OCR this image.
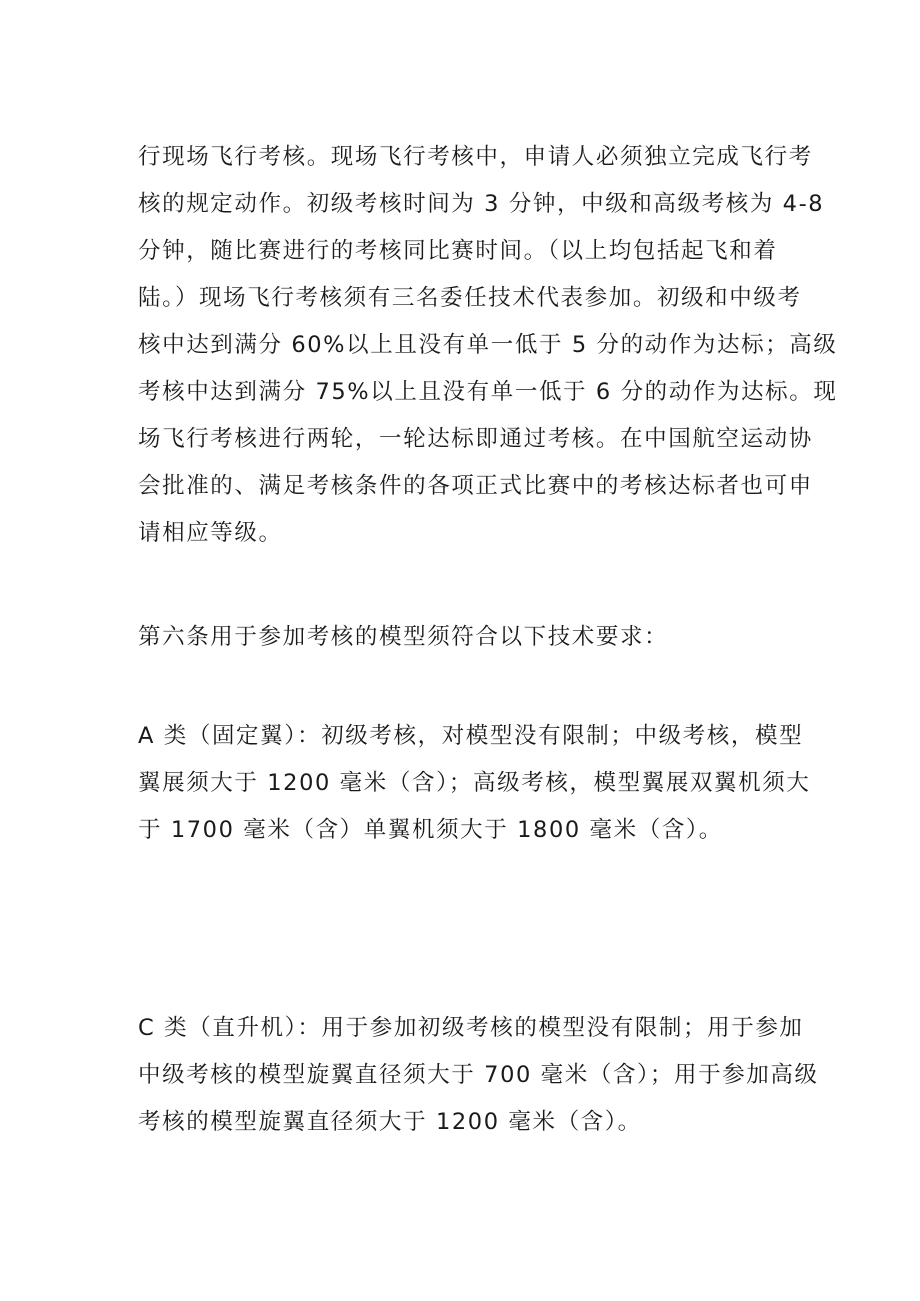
行现场飞行考核。现场飞行考核中，申请人必须独立完成飞行考
核的规定动作。初级考核时间为 3 分钟，中级和高级考核为 4-8
分钟，随比赛进行的考核同比赛时间。（以上均包括起飞和着
陆。）现场飞行考核须有三名委任技术代表参加。初级和中级考
核中达到满分 60%以上且没有单一低于 5 分的动作为达标；高级
考核中达到满分 75%以上且没有单一低于 6 分的动作为达标。现
场飞行考核进行两轮，一轮达标即通过考核。在中国航空运动协
会批准的、满足考核条件的各项正式比赛中的考核达标者也可申
请相应等级。
第六条用于参加考核的模型须符合以下技术要求：
A 类（固定翼）：初级考核，对模型没有限制；中级考核，模型
翼展须大于 1200 毫米（含）；高级考核，模型翼展双翼机须大
于 1700 毫米（含）单翼机须大于 1800 毫米（含）。
C 类（直升机）：用于参加初级考核的模型没有限制；用于参加
中级考核的模型旋翼直径须大于 700 毫米（含）；用于参加高级
考核的模型旋翼直径须大于 1200 毫米（含）。
